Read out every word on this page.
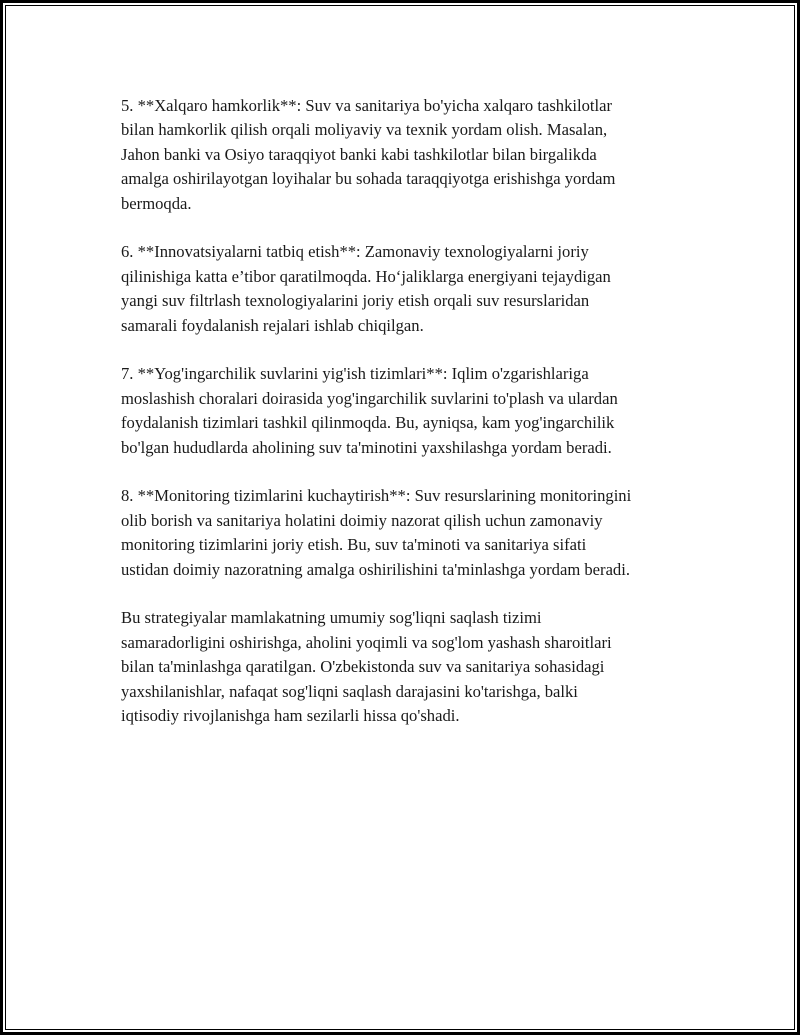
5. **Xalqaro hamkorlik**: Suv va sanitariya bo'yicha xalqaro tashkilotlar
bilan hamkorlik qilish orqali moliyaviy va texnik yordam olish. Masalan,
Jahon banki va Osiyo taraqqiyot banki kabi tashkilotlar bilan birgalikda
amalga oshirilayotgan loyihalar bu sohada taraqqiyotga erishishga yordam
bermoqda.

6. **Innovatsiyalarni tatbiq etish**: Zamonaviy texnologiyalarni joriy
qilinishiga katta e’tibor qaratilmoqda. Ho‘jaliklarga energiyani tejaydigan
yangi suv filtrlash texnologiyalarini joriy etish orqali suv resurslaridan
samarali foydalanish rejalari ishlab chiqilgan.

7. **Yog'ingarchilik suvlarini yig'ish tizimlari**: Iqlim o'zgarishlariga
moslashish choralari doirasida yog'ingarchilik suvlarini to'plash va ulardan
foydalanish tizimlari tashkil qilinmoqda. Bu, ayniqsa, kam yog'ingarchilik
bo'lgan hududlarda aholining suv ta'minotini yaxshilashga yordam beradi.

8. **Monitoring tizimlarini kuchaytirish**: Suv resurslarining monitoringini
olib borish va sanitariya holatini doimiy nazorat qilish uchun zamonaviy
monitoring tizimlarini joriy etish. Bu, suv ta'minoti va sanitariya sifati
ustidan doimiy nazoratning amalga oshirilishini ta'minlashga yordam beradi.

Bu strategiyalar mamlakatning umumiy sog'liqni saqlash tizimi
samaradorligini oshirishga, aholini yoqimli va sog'lom yashash sharoitlari
bilan ta'minlashga qaratilgan. O'zbekistonda suv va sanitariya sohasidagi
yaxshilanishlar, nafaqat sog'liqni saqlash darajasini ko'tarishga, balki
iqtisodiy rivojlanishga ham sezilarli hissa qo'shadi.
